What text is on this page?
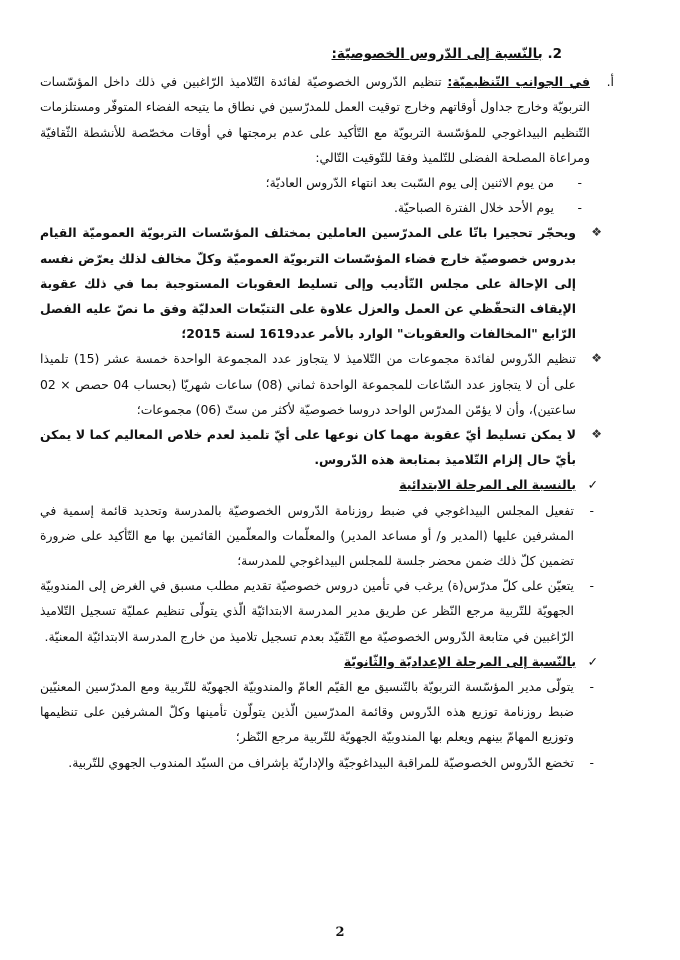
2. بالنّسبة إلى الدّروس الخصوصيّة:

أ.
في الجوانب التّنظيميّة: تنظيم الدّروس الخصوصيّة لفائدة التّلاميذ الرّاغبين في ذلك داخل المؤسّسات التربويّة وخارج جداول أوقاتهم وخارج توقيت العمل للمدرّسين في نطاق ما يتيحه الفضاء المتوفّر ومستلزمات التّنظيم البيداغوجي للمؤسّسة التربويّة مع التّأكيد على عدم برمجتها في أوقات مخصّصة للأنشطة الثّقافيّة ومراعاة المصلحة الفضلى للتّلميذ وفقا للتّوقيت التّالي:

-
من يوم الاثنين إلى يوم السّبت بعد انتهاء الدّروس العاديّة؛

-
يوم الأحد خلال الفترة الصباحيّة.

❖
ويحجّر تحجيرا باتّا على المدرّسين العاملين بمختلف المؤسّسات التربويّة العموميّة القيام بدروس خصوصيّة خارج فضاء المؤسّسات التربويّة العموميّة وكلّ مخالف لذلك يعرّض نفسه إلى الإحالة على مجلس التّأديب وإلى تسليط العقوبات المستوجبة بما في ذلك عقوبة الإيقاف التحفّظي عن العمل والعزل علاوة على التتبّعات العدليّة وفق ما نصّ عليه الفصل الرّابع "المخالفات والعقوبات" الوارد بالأمر عدد1619 لسنة 2015؛

❖
تنظيم الدّروس لفائدة مجموعات من التّلاميذ لا يتجاوز عدد المجموعة الواحدة خمسة عشر (15) تلميذا على أن لا يتجاوز عدد السّاعات للمجموعة الواحدة ثماني (08) ساعات شهريّا (بحساب 04 حصص × 02 ساعتين)، وأن لا يؤمّن المدرّس الواحد دروسا خصوصيّة لأكثر من ستّ (06) مجموعات؛

❖
لا يمكن تسليط أيّ عقوبة مهما كان نوعها على أيّ تلميذ لعدم خلاص المعاليم كما لا يمكن بأيّ حال إلزام التّلاميذ بمتابعة هذه الدّروس.

✓
بالنسبة الى المرحلة الابتدائية

-
تفعيل المجلس البيداغوجي في ضبط روزنامة الدّروس الخصوصيّة بالمدرسة وتحديد قائمة إسمية في المشرفين عليها (المدير و/ أو مساعد المدير) والمعلّمات والمعلّمين القائمين بها مع التّأكيد على ضرورة تضمين كلّ ذلك ضمن محضر جلسة للمجلس البيداغوجي للمدرسة؛

-
يتعيّن على كلّ مدرّس(ة) يرغب في تأمين دروس خصوصيّة تقديم مطلب مسبق في الغرض إلى المندوبيّة الجهويّة للتّربية مرجع النّظر عن طريق مدير المدرسة الابتدائيّة الّذي يتولّى تنظيم عمليّة تسجيل التّلاميذ الرّاغبين في متابعة الدّروس الخصوصيّة مع التّقيّد بعدم تسجيل تلاميذ من خارج المدرسة الابتدائيّة المعنيّة.

✓
بالنّسبة إلى المرحلة الإعداديّة والثّانويّة

-
يتولّى مدير المؤسّسة التربويّة بالتّنسيق مع القيّم العامّ والمندوبيّة الجهويّة للتّربية ومع المدرّسين المعنيّين ضبط روزنامة توزيع هذه الدّروس وقائمة المدرّسين الّذين يتولّون تأمينها وكلّ المشرفين على تنظيمها وتوزيع المهامّ بينهم ويعلم بها المندوبيّة الجهويّة للتّربية مرجع النّظر؛

-
تخضع الدّروس الخصوصيّة للمراقبة البيداغوجيّة والإداريّة بإشراف من السيّد المندوب الجهوي للتّربية.

2
